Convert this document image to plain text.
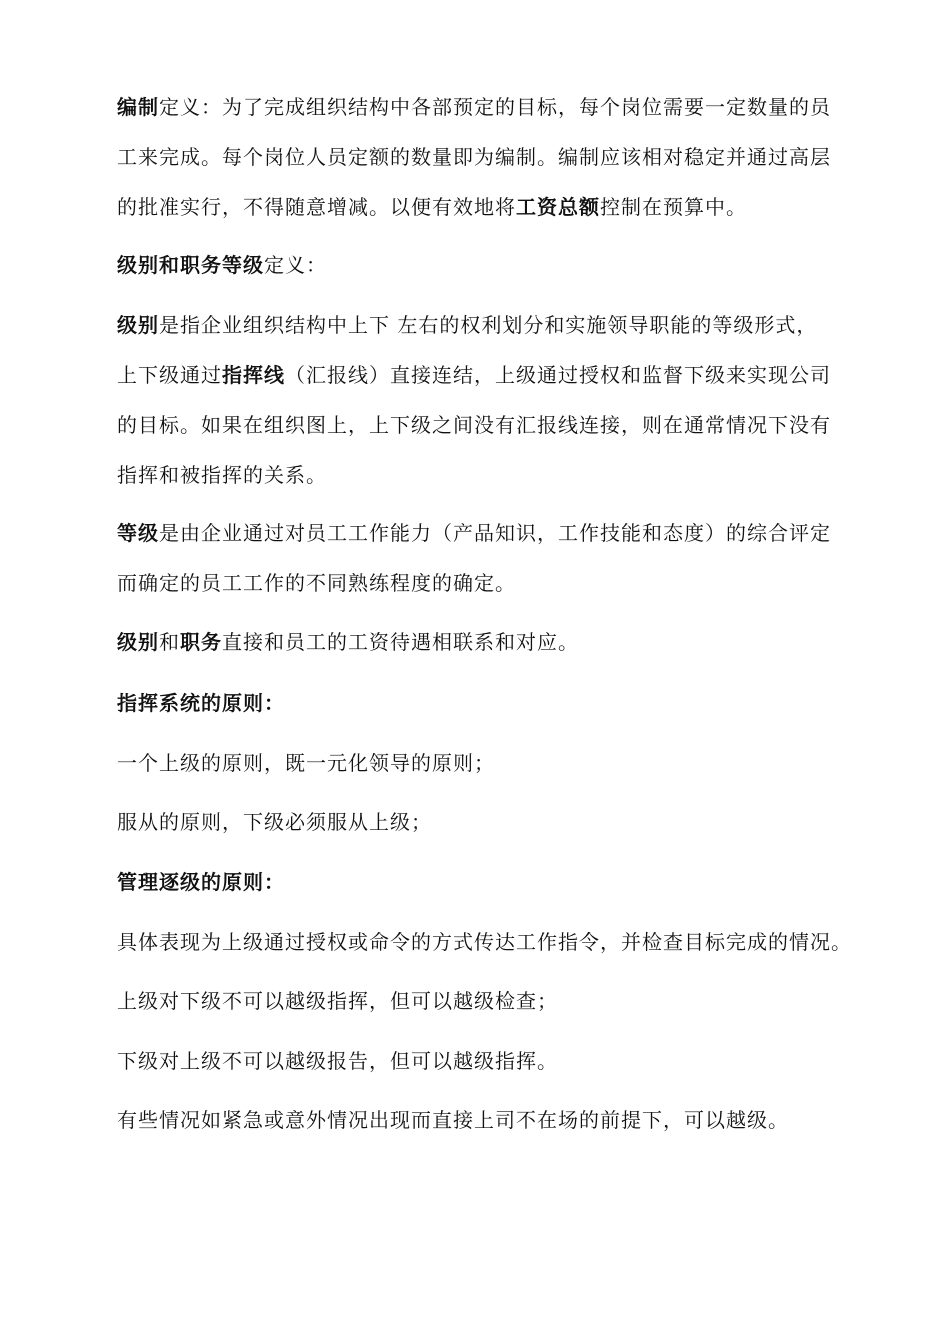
编制定义：为了完成组织结构中各部预定的目标，每个岗位需要一定数量的员
工来完成。每个岗位人员定额的数量即为编制。编制应该相对稳定并通过高层
的批准实行，不得随意增减。以便有效地将工资总额控制在预算中。

级别和职务等级定义：

级别是指企业组织结构中上下 左右的权利划分和实施领导职能的等级形式，
上下级通过指挥线（汇报线）直接连结，上级通过授权和监督下级来实现公司
的目标。如果在组织图上，上下级之间没有汇报线连接，则在通常情况下没有
指挥和被指挥的关系。

等级是由企业通过对员工工作能力（产品知识，工作技能和态度）的综合评定
而确定的员工工作的不同熟练程度的确定。

级别和职务直接和员工的工资待遇相联系和对应。

指挥系统的原则：

一个上级的原则，既一元化领导的原则；

服从的原则，下级必须服从上级；

管理逐级的原则：

具体表现为上级通过授权或命令的方式传达工作指令，并检查目标完成的情况。

上级对下级不可以越级指挥，但可以越级检查；

下级对上级不可以越级报告，但可以越级指挥。

有些情况如紧急或意外情况出现而直接上司不在场的前提下，可以越级。
